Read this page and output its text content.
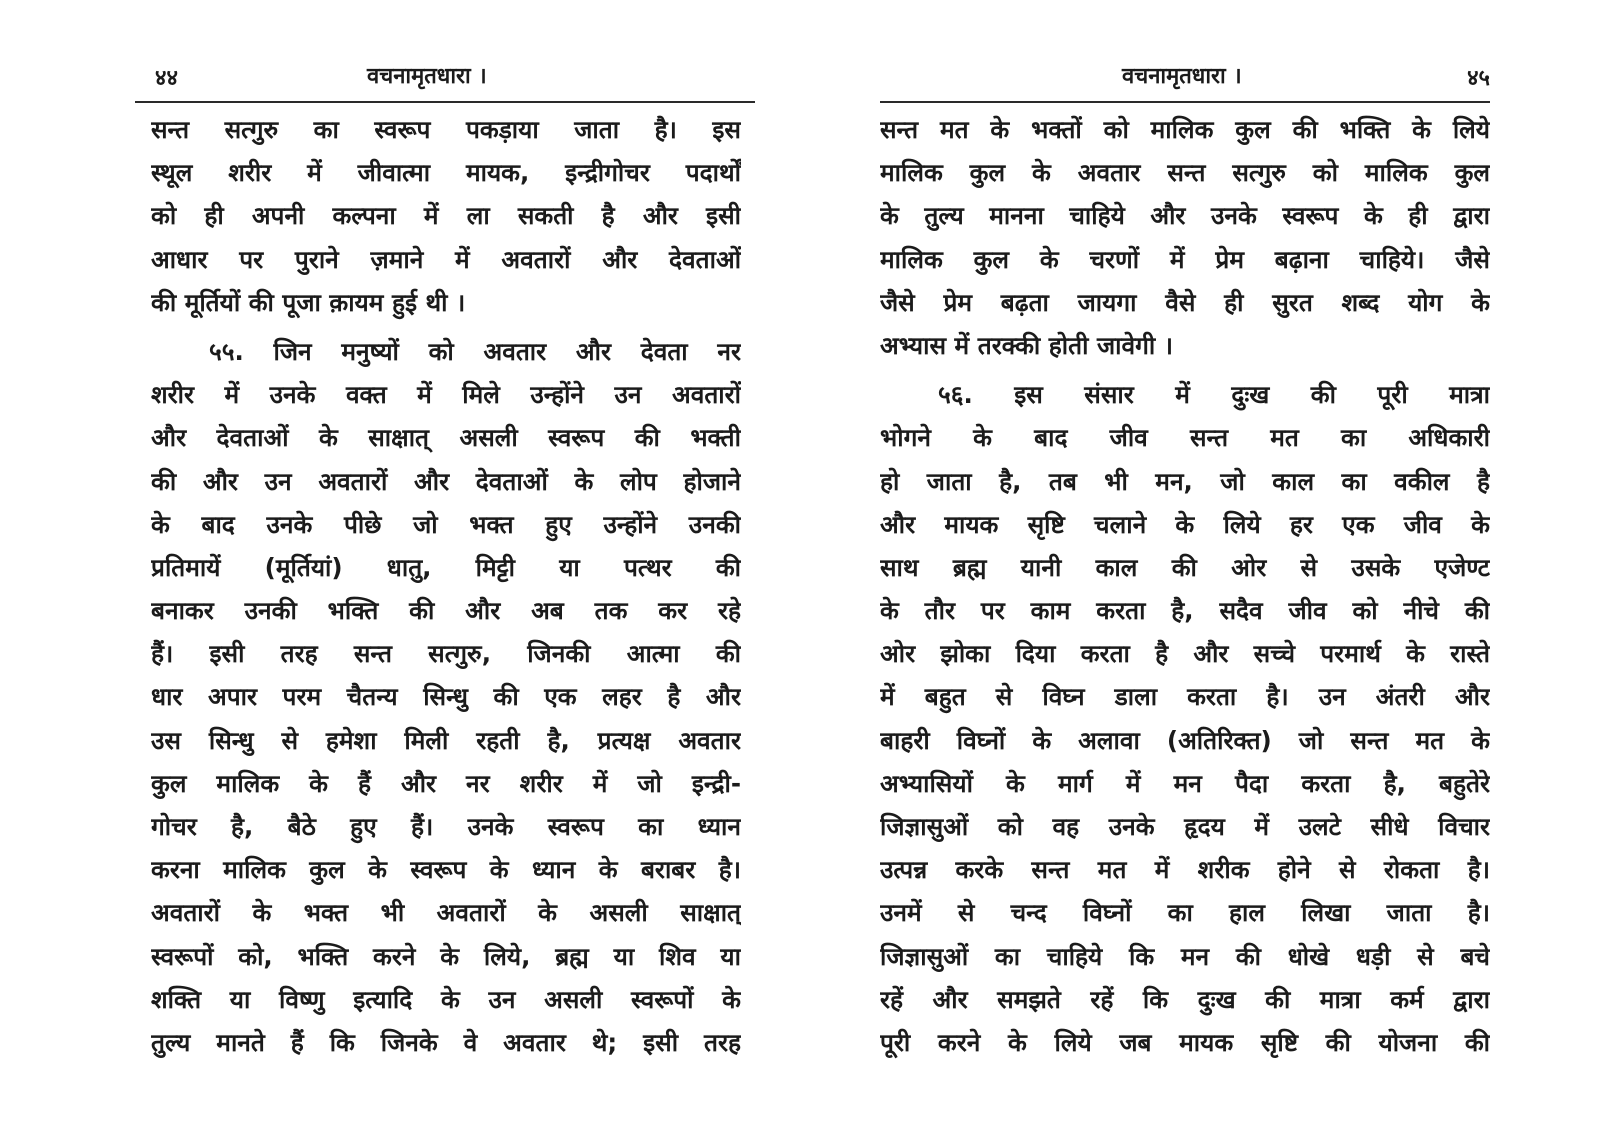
४४	वचनामृतधारा ।
सन्त सत्गुरु का स्वरूप पकड़ाया जाता है। इस
स्थूल शरीर में जीवात्मा मायक, इन्द्रीगोचर पदार्थों
को ही अपनी कल्पना में ला सकती है और इसी
आधार पर पुराने ज़माने में अवतारों और देवताओं
की मूर्तियों की पूजा क़ायम हुई थी ।
५५. जिन मनुष्यों को अवतार और देवता नर
शरीर में उनके वक्त में मिले उन्होंने उन अवतारों
और देवताओं के साक्षात् असली स्वरूप की भक्ती
की और उन अवतारों और देवताओं के लोप होजाने
के बाद उनके पीछे जो भक्त हुए उन्होंने उनकी
प्रतिमायें (मूर्तियां) धातु, मिट्टी या पत्थर की
बनाकर उनकी भक्ति की और अब तक कर रहे
हैं। इसी तरह सन्त सत्गुरु, जिनकी आत्मा की
धार अपार परम चैतन्य सिन्धु की एक लहर है और
उस सिन्धु से हमेशा मिली रहती है, प्रत्यक्ष अवतार
कुल मालिक के हैं और नर शरीर में जो इन्द्री-
गोचर है, बैठे हुए हैं। उनके स्वरूप का ध्यान
करना मालिक कुल के स्वरूप के ध्यान के बराबर है।
अवतारों के भक्त भी अवतारों के असली साक्षात्
स्वरूपों को, भक्ति करने के लिये, ब्रह्म या शिव या
शक्ति या विष्णु इत्यादि के उन असली स्वरूपों के
तुल्य मानते हैं कि जिनके वे अवतार थे; इसी तरह
वचनामृतधारा ।	४५
सन्त मत के भक्तों को मालिक कुल की भक्ति के लिये
मालिक कुल के अवतार सन्त सत्गुरु को मालिक कुल
के तुल्य मानना चाहिये और उनके स्वरूप के ही द्वारा
मालिक कुल के चरणों में प्रेम बढ़ाना चाहिये। जैसे
जैसे प्रेम बढ़ता जायगा वैसे ही सुरत शब्द योग के
अभ्यास में तरक्की होती जावेगी ।
५६. इस संसार में दुःख की पूरी मात्रा
भोगने के बाद जीव सन्त मत का अधिकारी
हो जाता है, तब भी मन, जो काल का वकील है
और मायक सृष्टि चलाने के लिये हर एक जीव के
साथ ब्रह्म यानी काल की ओर से उसके एजेण्ट
के तौर पर काम करता है, सदैव जीव को नीचे की
ओर झोका दिया करता है और सच्चे परमार्थ के रास्ते
में बहुत से विघ्न डाला करता है। उन अंतरी और
बाहरी विघ्नों के अलावा (अतिरिक्त) जो सन्त मत के
अभ्यासियों के मार्ग में मन पैदा करता है, बहुतेरे
जिज्ञासुओं को वह उनके हृदय में उलटे सीधे विचार
उत्पन्न करके सन्त मत में शरीक होने से रोकता है।
उनमें से चन्द विघ्नों का हाल लिखा जाता है।
जिज्ञासुओं का चाहिये कि मन की धोखे धड़ी से बचे
रहें और समझते रहें कि दुःख की मात्रा कर्म द्वारा
पूरी करने के लिये जब मायक सृष्टि की योजना की
